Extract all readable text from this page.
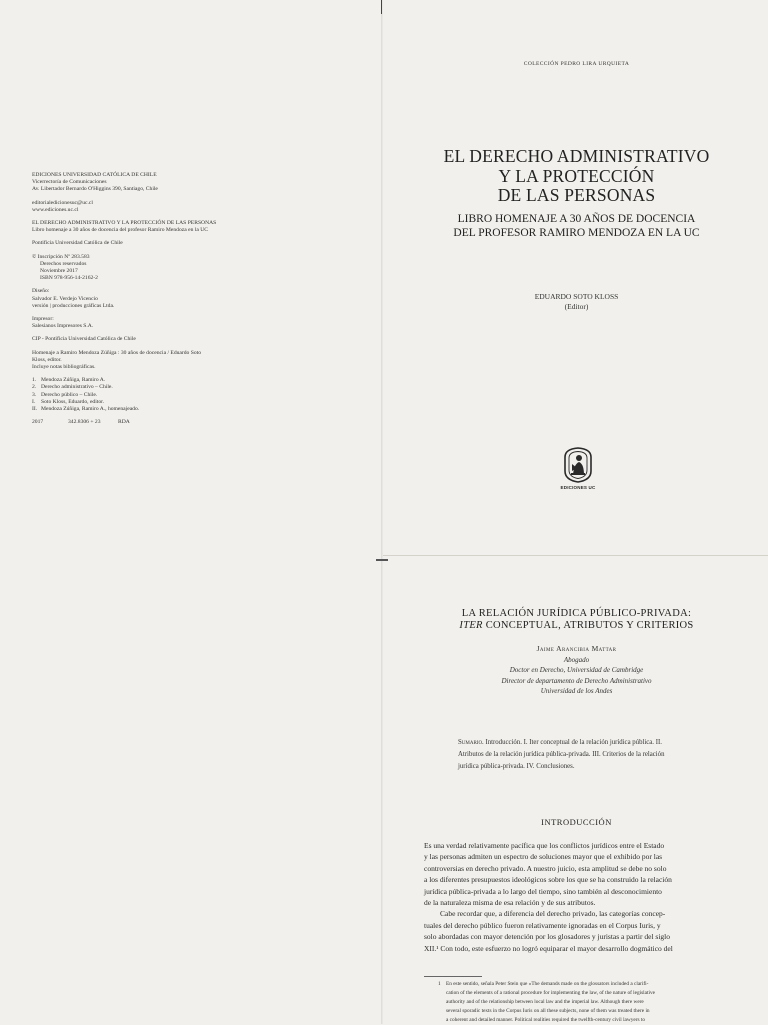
EDICIONES UNIVERSIDAD CATÓLICA DE CHILE
Vicerrectoría de Comunicaciones
Av. Libertador Bernardo O'Higgins 390, Santiago, Chile
editorialedicionesuc@uc.cl
www.ediciones.uc.cl
EL DERECHO ADMINISTRATIVO Y LA PROTECCIÓN DE LAS PERSONAS
Libro homenaje a 30 años de docencia del profesor Ramiro Mendoza en la UC
Pontificia Universidad Católica de Chile
© Inscripción Nº 283.583
Derechos reservados
Noviembre 2017
ISBN 978-956-14-2162-2
Diseño:
Salvador E. Verdejo Vicencio
versión | producciones gráficas Ltda.
Impresor:
Salesianos Impresores S.A.
CIP - Pontificia Universidad Católica de Chile
Homenaje a Ramiro Mendoza Zúñiga : 30 años de docencia / Eduardo Soto
Kloss, editor.
Incluye notas bibliográficas.
1. Mendoza Zúñiga, Ramiro A.
2. Derecho administrativo – Chile.
3. Derecho público – Chile.
I.	Soto Kloss, Eduardo, editor.
II. Mendoza Zúñiga, Ramiro A., homenajeado.
2017	342.8306 + 23	RDA
COLECCIÓN PEDRO LIRA URQUIETA
EL DERECHO ADMINISTRATIVO
Y LA PROTECCIÓN
DE LAS PERSONAS
LIBRO HOMENAJE A 30 AÑOS DE DOCENCIA
DEL PROFESOR RAMIRO MENDOZA EN LA UC
EDUARDO SOTO KLOSS
(Editor)
EDICIONES UC
LA RELACIÓN JURÍDICA PÚBLICO-PRIVADA:
ITER CONCEPTUAL, ATRIBUTOS Y CRITERIOS
Jaime Arancibia Mattar
Abogado
Doctor en Derecho, Universidad de Cambridge
Director de departamento de Derecho Administrativo
Universidad de los Andes
Sumario. Introducción. I. Iter conceptual de la relación jurídica pública. II.
Atributos de la relación jurídica pública-privada. III. Criterios de la relación
jurídica pública-privada. IV. Conclusiones.
INTRODUCCIÓN
Es una verdad relativamente pacífica que los conflictos jurídicos entre el Estado
y las personas admiten un espectro de soluciones mayor que el exhibido por las
controversias en derecho privado. A nuestro juicio, esta amplitud se debe no solo
a los diferentes presupuestos ideológicos sobre los que se ha construido la relación
jurídica pública-privada a lo largo del tiempo, sino también al desconocimiento
de la naturaleza misma de esa relación y de sus atributos.
Cabe recordar que, a diferencia del derecho privado, las categorías concep-
tuales del derecho público fueron relativamente ignoradas en el Corpus Iuris, y
solo abordadas con mayor detención por los glosadores y juristas a partir del siglo
XII.¹ Con todo, este esfuerzo no logró equiparar el mayor desarrollo dogmático del
1 En este sentido, señala Peter Stein que «The demands made on the glossators included a clarifi-
cation of the elements of a rational procedure for implementing the law, of the nature of legislative
authority and of the relationship between local law and the imperial law. Although there were
several sporadic texts in the Corpus Iuris on all these subjects, none of them was treated there in
a coherent and detailed manner. Political realities required the twelfth-century civil lawyers to
